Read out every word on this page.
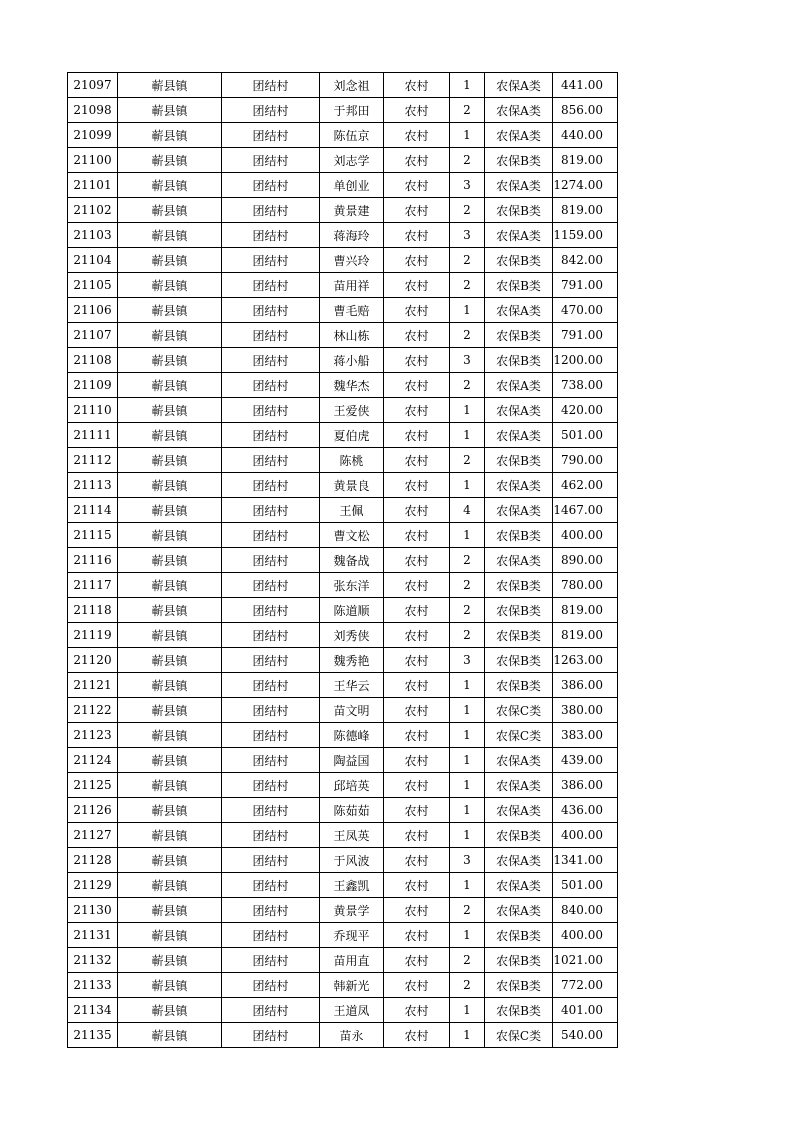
21097	蕲县镇	团结村	刘念祖	农村	1	农保A类	441.00
21098	蕲县镇	团结村	于邦田	农村	2	农保A类	856.00
21099	蕲县镇	团结村	陈伍京	农村	1	农保A类	440.00
21100	蕲县镇	团结村	刘志学	农村	2	农保B类	819.00
21101	蕲县镇	团结村	单创业	农村	3	农保A类	1274.00
21102	蕲县镇	团结村	黄景建	农村	2	农保B类	819.00
21103	蕲县镇	团结村	蒋海玲	农村	3	农保A类	1159.00
21104	蕲县镇	团结村	曹兴玲	农村	2	农保B类	842.00
21105	蕲县镇	团结村	苗用祥	农村	2	农保B类	791.00
21106	蕲县镇	团结村	曹毛赔	农村	1	农保A类	470.00
21107	蕲县镇	团结村	林山栋	农村	2	农保B类	791.00
21108	蕲县镇	团结村	蒋小船	农村	3	农保B类	1200.00
21109	蕲县镇	团结村	魏华杰	农村	2	农保A类	738.00
21110	蕲县镇	团结村	王爱侠	农村	1	农保A类	420.00
21111	蕲县镇	团结村	夏伯虎	农村	1	农保A类	501.00
21112	蕲县镇	团结村	陈桃	农村	2	农保B类	790.00
21113	蕲县镇	团结村	黄景良	农村	1	农保A类	462.00
21114	蕲县镇	团结村	王佩	农村	4	农保A类	1467.00
21115	蕲县镇	团结村	曹文松	农村	1	农保B类	400.00
21116	蕲县镇	团结村	魏备战	农村	2	农保A类	890.00
21117	蕲县镇	团结村	张东洋	农村	2	农保B类	780.00
21118	蕲县镇	团结村	陈道顺	农村	2	农保B类	819.00
21119	蕲县镇	团结村	刘秀侠	农村	2	农保B类	819.00
21120	蕲县镇	团结村	魏秀艳	农村	3	农保B类	1263.00
21121	蕲县镇	团结村	王华云	农村	1	农保B类	386.00
21122	蕲县镇	团结村	苗文明	农村	1	农保C类	380.00
21123	蕲县镇	团结村	陈德峰	农村	1	农保C类	383.00
21124	蕲县镇	团结村	陶益国	农村	1	农保A类	439.00
21125	蕲县镇	团结村	邱培英	农村	1	农保A类	386.00
21126	蕲县镇	团结村	陈茹茹	农村	1	农保A类	436.00
21127	蕲县镇	团结村	王凤英	农村	1	农保B类	400.00
21128	蕲县镇	团结村	于风波	农村	3	农保A类	1341.00
21129	蕲县镇	团结村	王鑫凯	农村	1	农保A类	501.00
21130	蕲县镇	团结村	黄景学	农村	2	农保A类	840.00
21131	蕲县镇	团结村	乔现平	农村	1	农保B类	400.00
21132	蕲县镇	团结村	苗用直	农村	2	农保B类	1021.00
21133	蕲县镇	团结村	韩新光	农村	2	农保B类	772.00
21134	蕲县镇	团结村	王道凤	农村	1	农保B类	401.00
21135	蕲县镇	团结村	苗永	农村	1	农保C类	540.00
